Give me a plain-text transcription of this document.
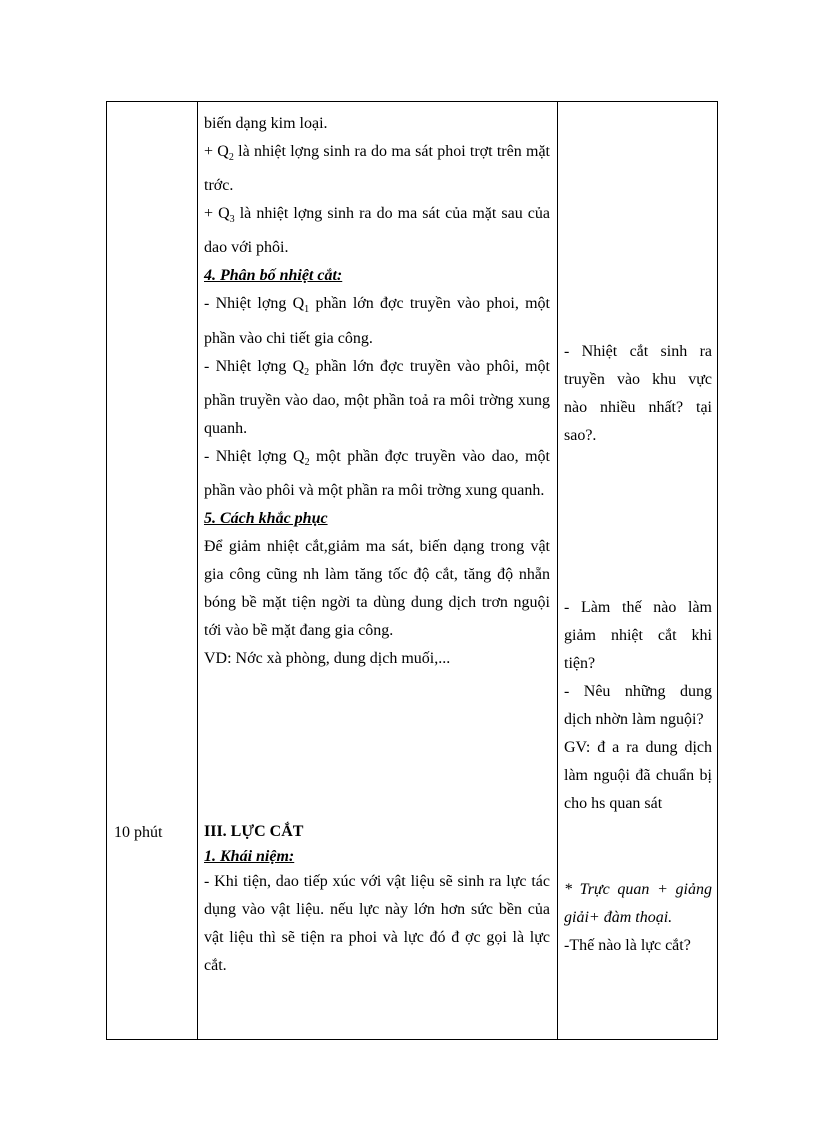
10 phút

biến dạng kim loại.

+ $Q_2$ là nhiệt lợng sinh ra do ma sát phoi trợt trên mặt trớc.

+ $Q_3$ là nhiệt lợng sinh ra do ma sát của mặt sau của dao với phôi.

4. Phân bố nhiệt cắt:

- Nhiệt lợng $Q_1$ phần lớn đợc truyền vào phoi, một phần vào chi tiết gia công.

- Nhiệt lợng $Q_2$ phần lớn đợc truyền vào phôi, một phần truyền vào dao, một phần toả ra môi trờng xung quanh.

- Nhiệt lợng $Q_2$ một phần đợc truyền vào dao, một phần vào phôi và một phần ra môi trờng xung quanh.

5. Cách khắc phục

Để giảm nhiệt cắt,giảm ma sát, biến dạng trong vật gia công cũng nh làm tăng tốc độ cắt, tăng độ nhẵn bóng bề mặt tiện ngời ta dùng dung dịch trơn nguội tới vào bề mặt đang gia công.

VD: Nớc xà phòng, dung dịch muối,...

III. LỰC CẮT

1. Khái niệm:

- Khi tiện, dao tiếp xúc với vật liệu sẽ sinh ra lực tác dụng vào vật liệu. nếu lực này lớn hơn sức bền của vật liệu thì sẽ tiện ra phoi và lực đó đ ợc gọi là lực cắt.

- Nhiệt cắt sinh ra truyền vào khu vực nào nhiều nhất? tại sao?.

- Làm thế nào làm giảm nhiệt cắt khi tiện?

- Nêu những dung dịch nhờn làm nguội?

GV: đ a ra dung dịch làm nguội đã chuẩn bị cho hs quan sát

* Trực quan + giảng giải+ đàm thoại.

-Thế nào là lực cắt?
